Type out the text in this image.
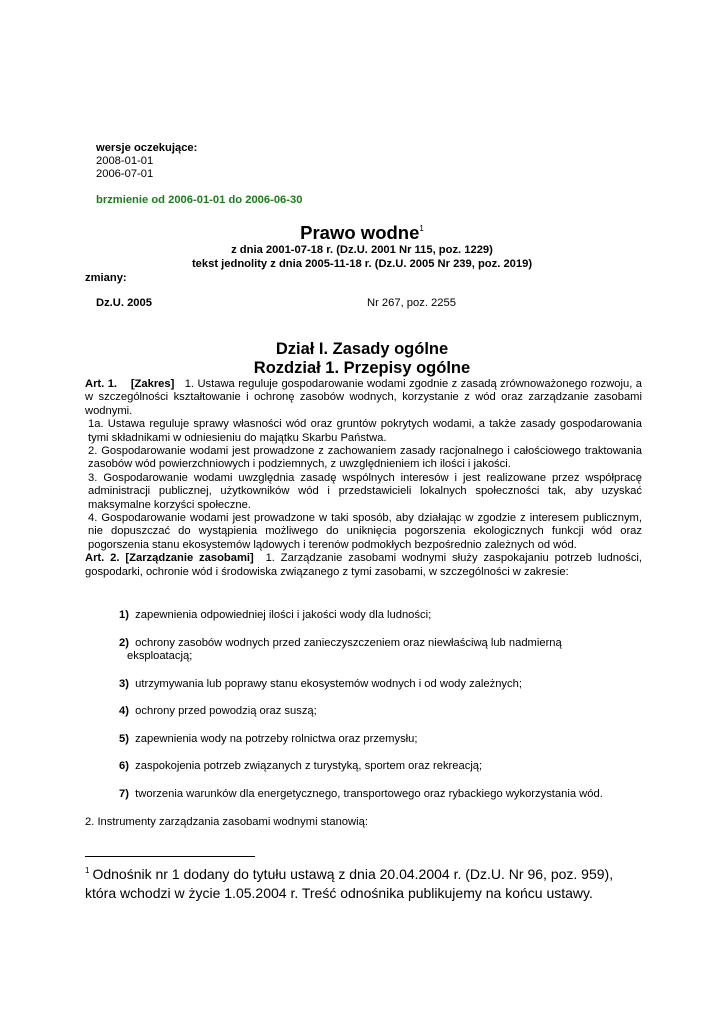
wersje oczekujące:
2008-01-01
2006-07-01
brzmienie od 2006-01-01 do 2006-06-30
Prawo wodne$^1$
z dnia 2001-07-18 r. (Dz.U. 2001 Nr 115, poz. 1229)
tekst jednolity z dnia 2005-11-18 r. (Dz.U. 2005 Nr 239, poz. 2019)
zmiany:
Dz.U. 2005	Nr 267, poz. 2255
Dział I. Zasady ogólne
Rozdział 1. Przepisy ogólne

Art. 1. [Zakres] 1. Ustawa reguluje gospodarowanie wodami zgodnie z zasadą zrównoważonego rozwoju, a w szczególności kształtowanie i ochronę zasobów wodnych, korzystanie z wód oraz zarządzanie zasobami wodnymi.

1a. Ustawa reguluje sprawy własności wód oraz gruntów pokrytych wodami, a także zasady gospodarowania tymi składnikami w odniesieniu do majątku Skarbu Państwa.

2. Gospodarowanie wodami jest prowadzone z zachowaniem zasady racjonalnego i całościowego traktowania zasobów wód powierzchniowych i podziemnych, z uwzględnieniem ich ilości i jakości.

3. Gospodarowanie wodami uwzględnia zasadę wspólnych interesów i jest realizowane przez współpracę administracji publicznej, użytkowników wód i przedstawicieli lokalnych społeczności tak, aby uzyskać maksymalne korzyści społeczne.

4. Gospodarowanie wodami jest prowadzone w taki sposób, aby działając w zgodzie z interesem publicznym, nie dopuszczać do wystąpienia możliwego do uniknięcia pogorszenia ekologicznych funkcji wód oraz pogorszenia stanu ekosystemów lądowych i terenów podmokłych bezpośrednio zależnych od wód.

Art. 2. [Zarządzanie zasobami] 1. Zarządzanie zasobami wodnymi służy zaspokajaniu potrzeb ludności, gospodarki, ochronie wód i środowiska związanego z tymi zasobami, w szczególności w zakresie:

1) zapewnienia odpowiedniej ilości i jakości wody dla ludności;
2) ochrony zasobów wodnych przed zanieczyszczeniem oraz niewłaściwą lub nadmierną
eksploatacją;
3) utrzymywania lub poprawy stanu ekosystemów wodnych i od wody zależnych;
4) ochrony przed powodzią oraz suszą;
5) zapewnienia wody na potrzeby rolnictwa oraz przemysłu;
6) zaspokojenia potrzeb związanych z turystyką, sportem oraz rekreacją;
7) tworzenia warunków dla energetycznego, transportowego oraz rybackiego wykorzystania wód.
2. Instrumenty zarządzania zasobami wodnymi stanowią:
$^1$ Odnośnik nr 1 dodany do tytułu ustawą z dnia 20.04.2004 r. (Dz.U. Nr 96, poz. 959), która wchodzi w życie 1.05.2004 r. Treść odnośnika publikujemy na końcu ustawy.
